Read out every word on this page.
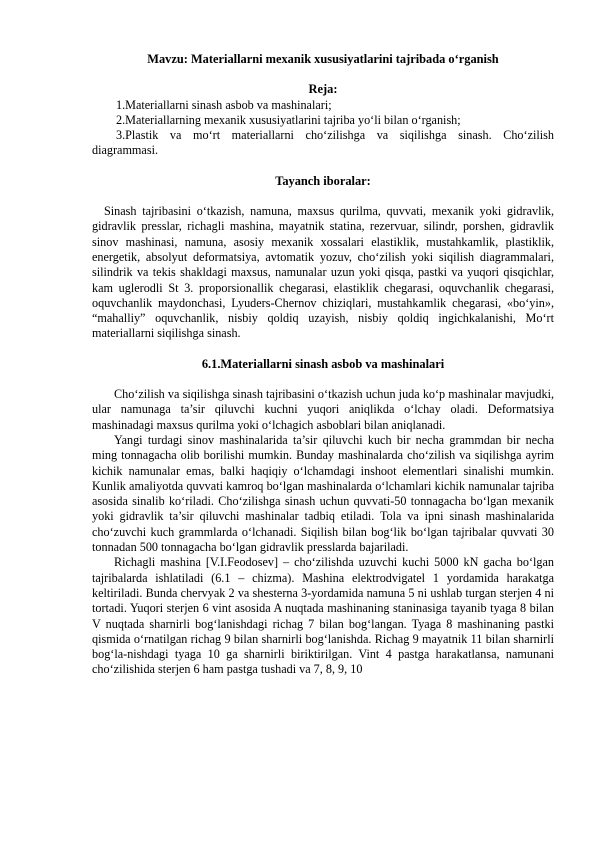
Mavzu: Materiallarni mexanik xususiyatlarini tajribada o‘rganish

Reja:

1.Materiallarni sinash asbob va mashinalari;

2.Materiallarning mexanik xususiyatlarini tajriba yo‘li bilan o‘rganish;

3.Plastik va mo‘rt materiallarni cho‘zilishga va siqilishga sinash. Cho‘zilish diagrammasi.

Tayanch iboralar:

Sinash tajribasini o‘tkazish, namuna, maxsus qurilma, quvvati, mexanik yoki gidravlik, gidravlik presslar, richagli mashina, mayatnik statina, rezervuar, silindr, porshen, gidravlik sinov mashinasi, namuna, asosiy mexanik xossalari elastiklik, mustahkamlik, plastiklik, energetik, absolyut deformatsiya, avtomatik yozuv, cho‘zilish yoki siqilish diagrammalari, silindrik va tekis shakldagi maxsus, namunalar uzun yoki qisqa, pastki va yuqori qisqichlar, kam uglerodli St 3. proporsionallik chegarasi, elastiklik chegarasi, oquvchanlik chegarasi, oquvchanlik maydonchasi, Lyuders-Chernov chiziqlari, mustahkamlik chegarasi, «bo‘yin», “mahalliy” oquvchanlik, nisbiy qoldiq uzayish, nisbiy qoldiq ingichkalanishi, Mo‘rt materiallarni siqilishga sinash.

6.1.Materiallarni sinash asbob va mashinalari

Cho‘zilish va siqilishga sinash tajribasini o‘tkazish uchun juda ko‘p mashinalar mavjudki, ular namunaga ta’sir qiluvchi kuchni yuqori aniqlikda o‘lchay oladi. Deformatsiya mashinadagi maxsus qurilma yoki o‘lchagich asboblari bilan aniqlanadi.

Yangi turdagi sinov mashinalarida ta’sir qiluvchi kuch bir necha grammdan bir necha ming tonnagacha olib borilishi mumkin. Bunday mashinalarda cho‘zilish va siqilishga ayrim kichik namunalar emas, balki haqiqiy o‘lchamdagi inshoot elementlari sinalishi mumkin. Kunlik amaliyotda quvvati kamroq bo‘lgan mashinalarda o‘lchamlari kichik namunalar tajriba asosida sinalib ko‘riladi. Cho‘zilishga sinash uchun quvvati-50 tonnagacha bo‘lgan mexanik yoki gidravlik ta’sir qiluvchi mashinalar tadbiq etiladi. Tola va ipni sinash mashinalarida cho‘zuvchi kuch grammlarda o‘lchanadi. Siqilish bilan bog‘lik bo‘lgan tajribalar quvvati 30 tonnadan 500 tonnagacha bo‘lgan gidravlik presslarda bajariladi.

Richagli mashina [V.I.Feodosev] – cho‘zilishda uzuvchi kuchi 5000 kN gacha bo‘lgan tajribalarda ishlatiladi (6.1 – chizma). Mashina elektrodvigatel 1 yordamida harakatga keltiriladi. Bunda chervyak 2 va shesterna 3-yordamida namuna 5 ni ushlab turgan sterjen 4 ni tortadi. Yuqori sterjen 6 vint asosida A nuqtada mashinaning staninasiga tayanib tyaga 8 bilan V nuqtada sharnirli bog‘lanishdagi richag 7 bilan bog‘langan. Tyaga 8 mashinaning pastki qismida o‘rnatilgan richag 9 bilan sharnirli bog‘lanishda. Richag 9 mayatnik 11 bilan sharnirli bog‘la-nishdagi tyaga 10 ga sharnirli biriktirilgan. Vint 4 pastga harakatlansa, namunani cho‘zilishida sterjen 6 ham pastga tushadi va 7, 8, 9, 10
